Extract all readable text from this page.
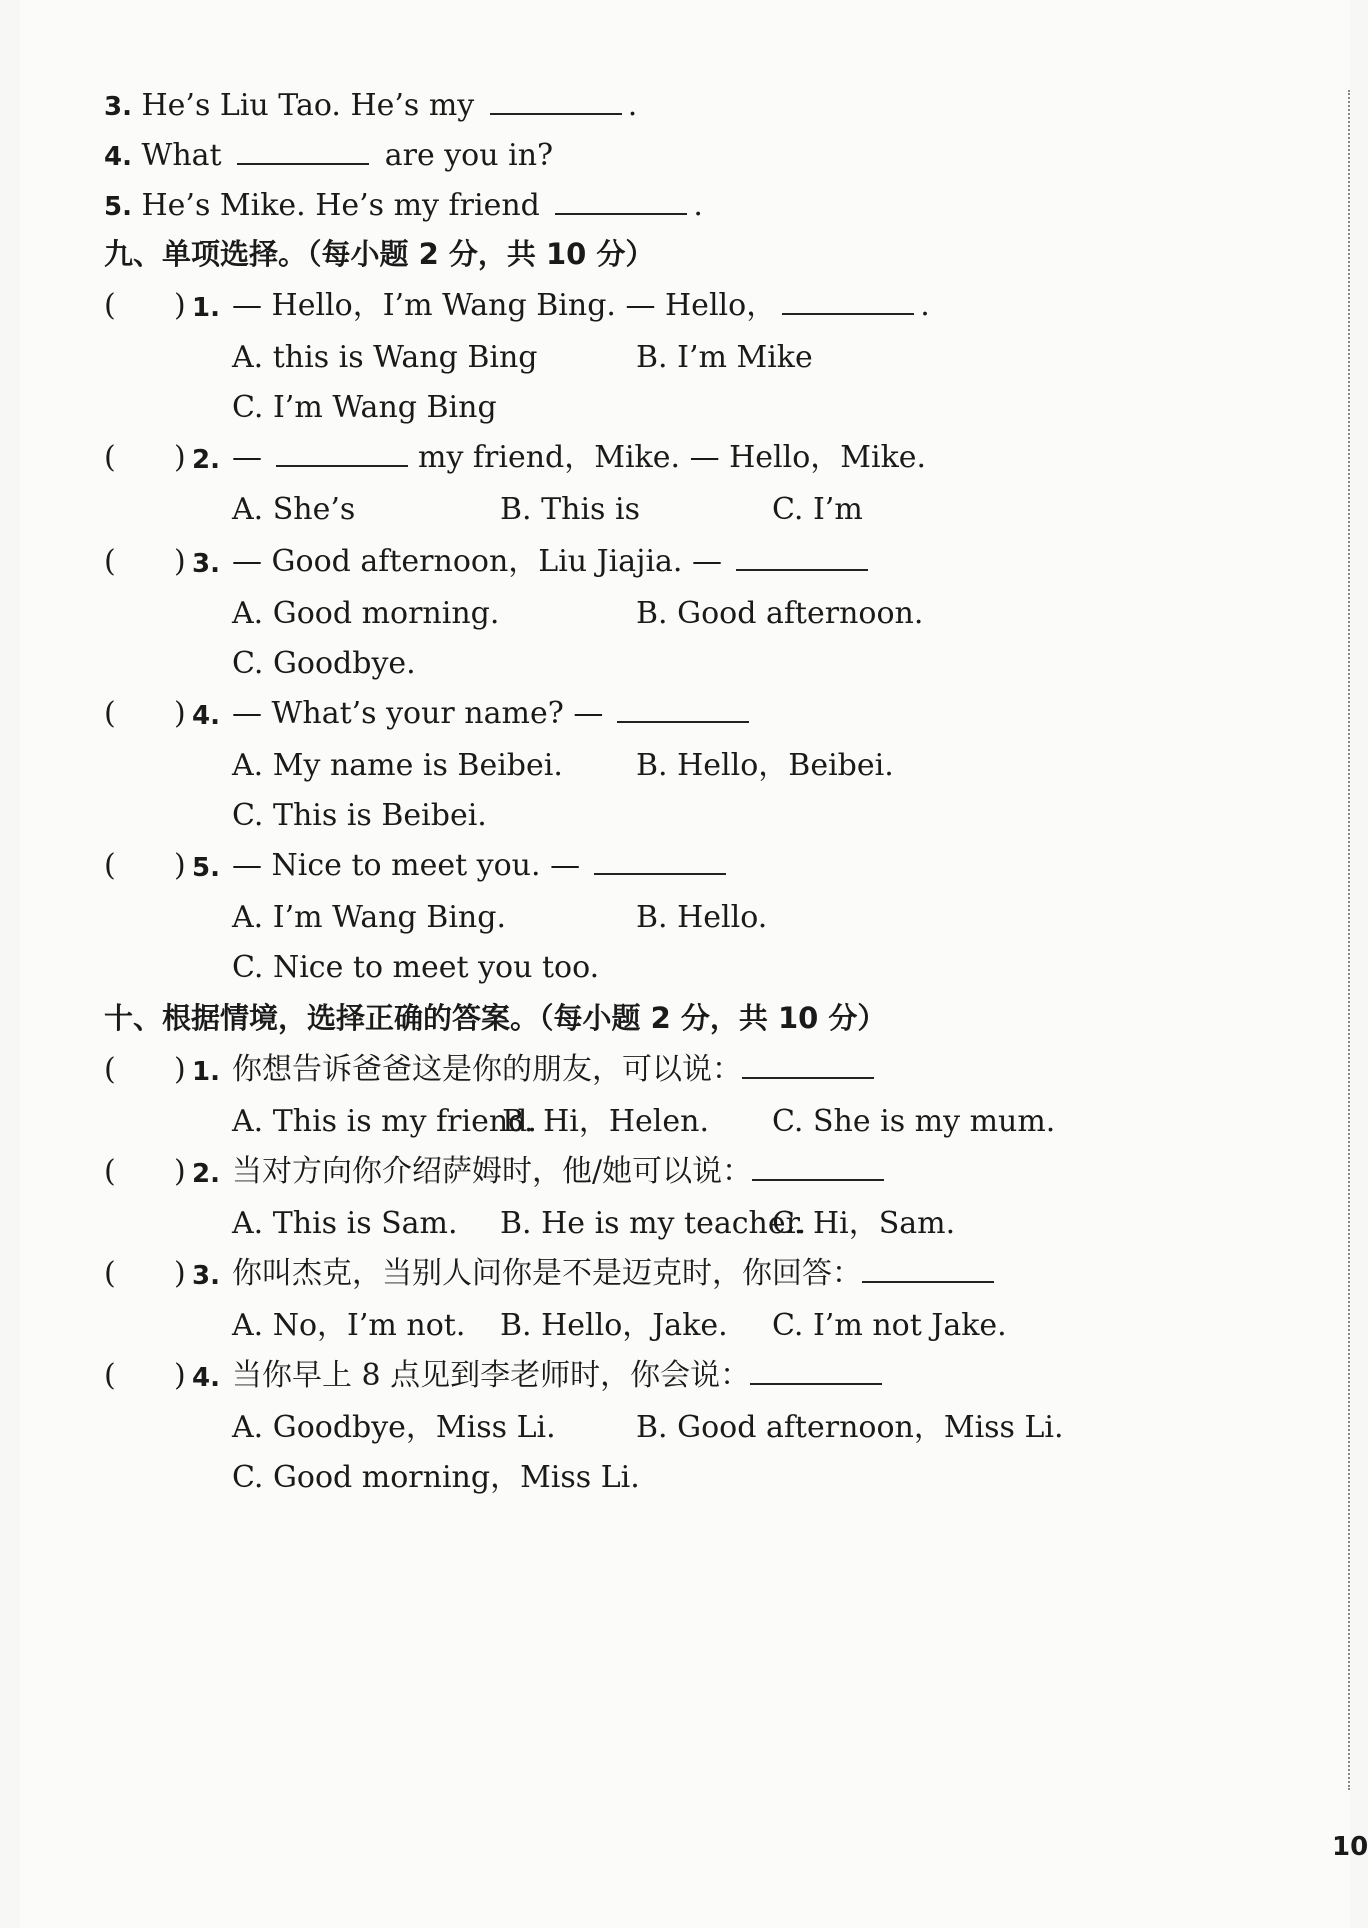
3. He’s Liu Tao. He’s my	.
4. What	are you in?
5. He’s Mike. He’s my friend	.
九、单项选择。（每小题 2 分，共 10 分）
( ) 1. — Hello，I’m Wang Bing. — Hello，	.
A. this is Wang Bing	B. I’m Mike
C. I’m Wang Bing
( ) 2. —	my friend，Mike. — Hello，Mike.
A. She’s	B. This is	C. I’m
( ) 3. — Good afternoon，Liu Jiajia. —
A. Good morning.	B. Good afternoon.
C. Goodbye.
( ) 4. — What’s your name? —
A. My name is Beibei. B. Hello，Beibei.
C. This is Beibei.
( ) 5. — Nice to meet you. —
A. I’m Wang Bing.	B. Hello.
C. Nice to meet you too.
十、根据情境，选择正确的答案。（每小题 2 分，共 10 分）
( ) 1. 你想告诉爸爸这是你的朋友，可以说：
A. This is my friend.
B. Hi，Helen. C. She is my mum.
( ) 2. 当对方向你介绍萨姆时，他/她可以说：
A. This is Sam. B. He is my teacher.
C. Hi，Sam.
( ) 3. 你叫杰克，当别人问你是不是迈克时，你回答：
A. No，I’m not. B. Hello，Jake. C. I’m not Jake.
( ) 4. 当你早上 8 点见到李老师时，你会说：
A. Goodbye，Miss Li.	B. Good afternoon，Miss Li.
C. Good morning，Miss Li.
10
